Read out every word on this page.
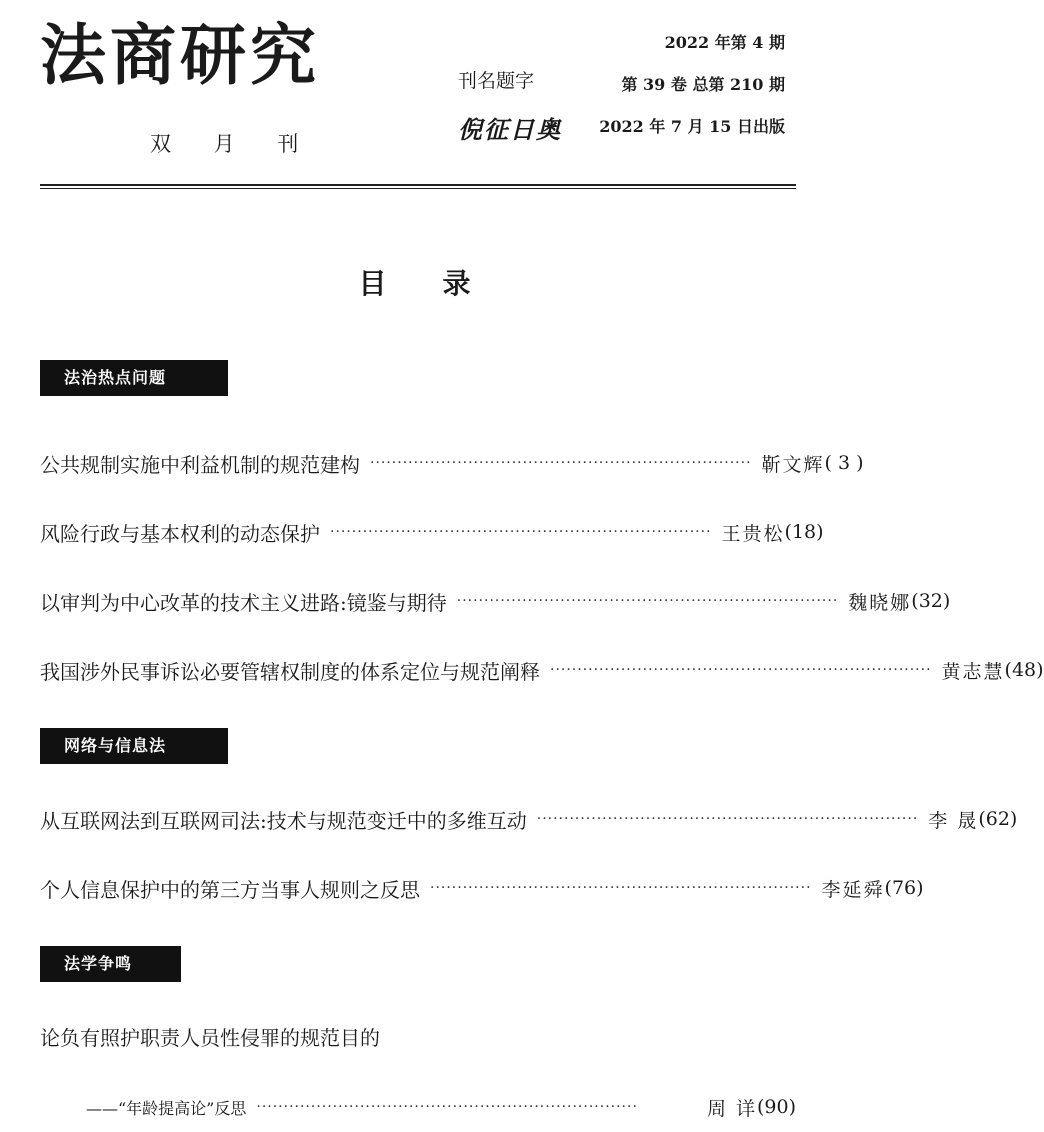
法商研究
双 月 刊
刊名题字
倪征日奥
2022 年第 4 期
第 39 卷 总第 210 期
2022 年 7 月 15 日出版
目录
法治热点问题
公共规制实施中利益机制的规范建构 ······································································ 靳文辉 ( 3 )
风险行政与基本权利的动态保护 ······································································ 王贵松 (18)
以审判为中心改革的技术主义进路:镜鉴与期待 ······································································ 魏晓娜 (32)
我国涉外民事诉讼必要管辖权制度的体系定位与规范阐释 ······································································ 黄志慧 (48)
网络与信息法
从互联网法到互联网司法:技术与规范变迁中的多维互动 ······································································ 李 晟 (62)
个人信息保护中的第三方当事人规则之反思 ······································································ 李延舜 (76)
法学争鸣
论负有照护职责人员性侵罪的规范目的
——“年龄提高论”反思 ······································································	周 详 (90)
